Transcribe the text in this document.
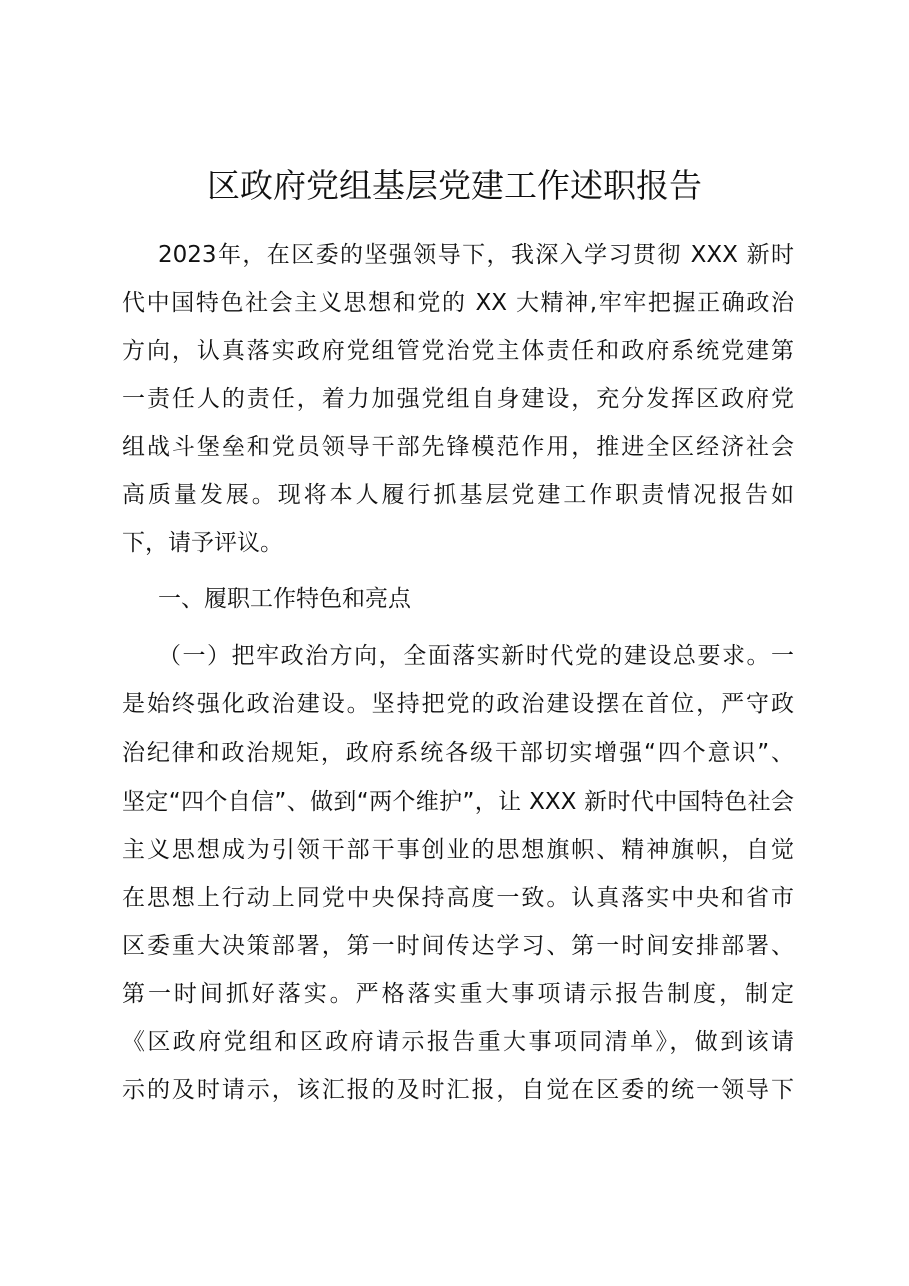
区政府党组基层党建工作述职报告

2023年，在区委的坚强领导下，我深入学习贯彻 XXX 新时

代中国特色社会主义思想和党的 XX 大精神,牢牢把握正确政治

方向，认真落实政府党组管党治党主体责任和政府系统党建第

一责任人的责任，着力加强党组自身建设，充分发挥区政府党

组战斗堡垒和党员领导干部先锋模范作用，推进全区经济社会

高质量发展。现将本人履行抓基层党建工作职责情况报告如

下，请予评议。

一、履职工作特色和亮点

（一）把牢政治方向，全面落实新时代党的建设总要求。一

是始终强化政治建设。坚持把党的政治建设摆在首位，严守政

治纪律和政治规矩，政府系统各级干部切实增强“四个意识”、

坚定“四个自信”、做到“两个维护”，让 XXX 新时代中国特色社会

主义思想成为引领干部干事创业的思想旗帜、精神旗帜，自觉

在思想上行动上同党中央保持高度一致。认真落实中央和省市

区委重大决策部署，第一时间传达学习、第一时间安排部署、

第一时间抓好落实。严格落实重大事项请示报告制度，制定

《区政府党组和区政府请示报告重大事项同清单》，做到该请

示的及时请示，该汇报的及时汇报，自觉在区委的统一领导下
